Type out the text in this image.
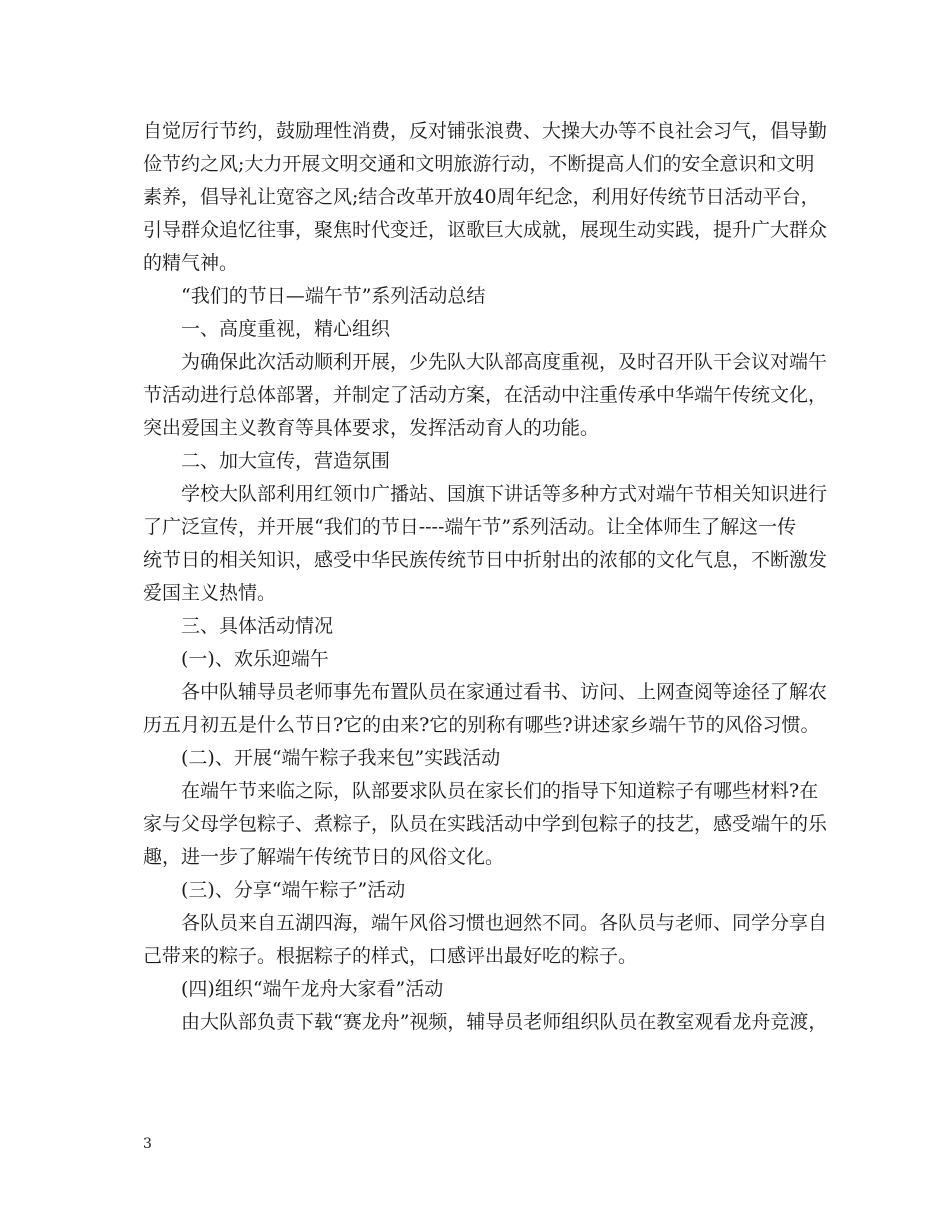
自觉厉行节约，鼓励理性消费，反对铺张浪费、大操大办等不良社会习气，倡导勤
俭节约之风;大力开展文明交通和文明旅游行动，不断提高人们的安全意识和文明
素养，倡导礼让宽容之风;结合改革开放40周年纪念，利用好传统节日活动平台，
引导群众追忆往事，聚焦时代变迁，讴歌巨大成就，展现生动实践，提升广大群众
的精气神。

“我们的节日—端午节”系列活动总结

一、高度重视，精心组织

为确保此次活动顺利开展，少先队大队部高度重视，及时召开队干会议对端午
节活动进行总体部署，并制定了活动方案，在活动中注重传承中华端午传统文化，
突出爱国主义教育等具体要求，发挥活动育人的功能。

二、加大宣传，营造氛围

学校大队部利用红领巾广播站、国旗下讲话等多种方式对端午节相关知识进行
了广泛宣传，并开展“我们的节日----端午节”系列活动。让全体师生了解这一传
统节日的相关知识，感受中华民族传统节日中折射出的浓郁的文化气息，不断激发
爱国主义热情。

三、具体活动情况

(一)、欢乐迎端午

各中队辅导员老师事先布置队员在家通过看书、访问、上网查阅等途径了解农
历五月初五是什么节日?它的由来?它的别称有哪些?讲述家乡端午节的风俗习惯。

(二)、开展“端午粽子我来包”实践活动

在端午节来临之际，队部要求队员在家长们的指导下知道粽子有哪些材料?在
家与父母学包粽子、煮粽子，队员在实践活动中学到包粽子的技艺，感受端午的乐
趣，进一步了解端午传统节日的风俗文化。

(三)、分享“端午粽子”活动

各队员来自五湖四海，端午风俗习惯也迥然不同。各队员与老师、同学分享自
己带来的粽子。根据粽子的样式，口感评出最好吃的粽子。

(四)组织“端午龙舟大家看”活动

由大队部负责下载“赛龙舟”视频，辅导员老师组织队员在教室观看龙舟竞渡，

3
